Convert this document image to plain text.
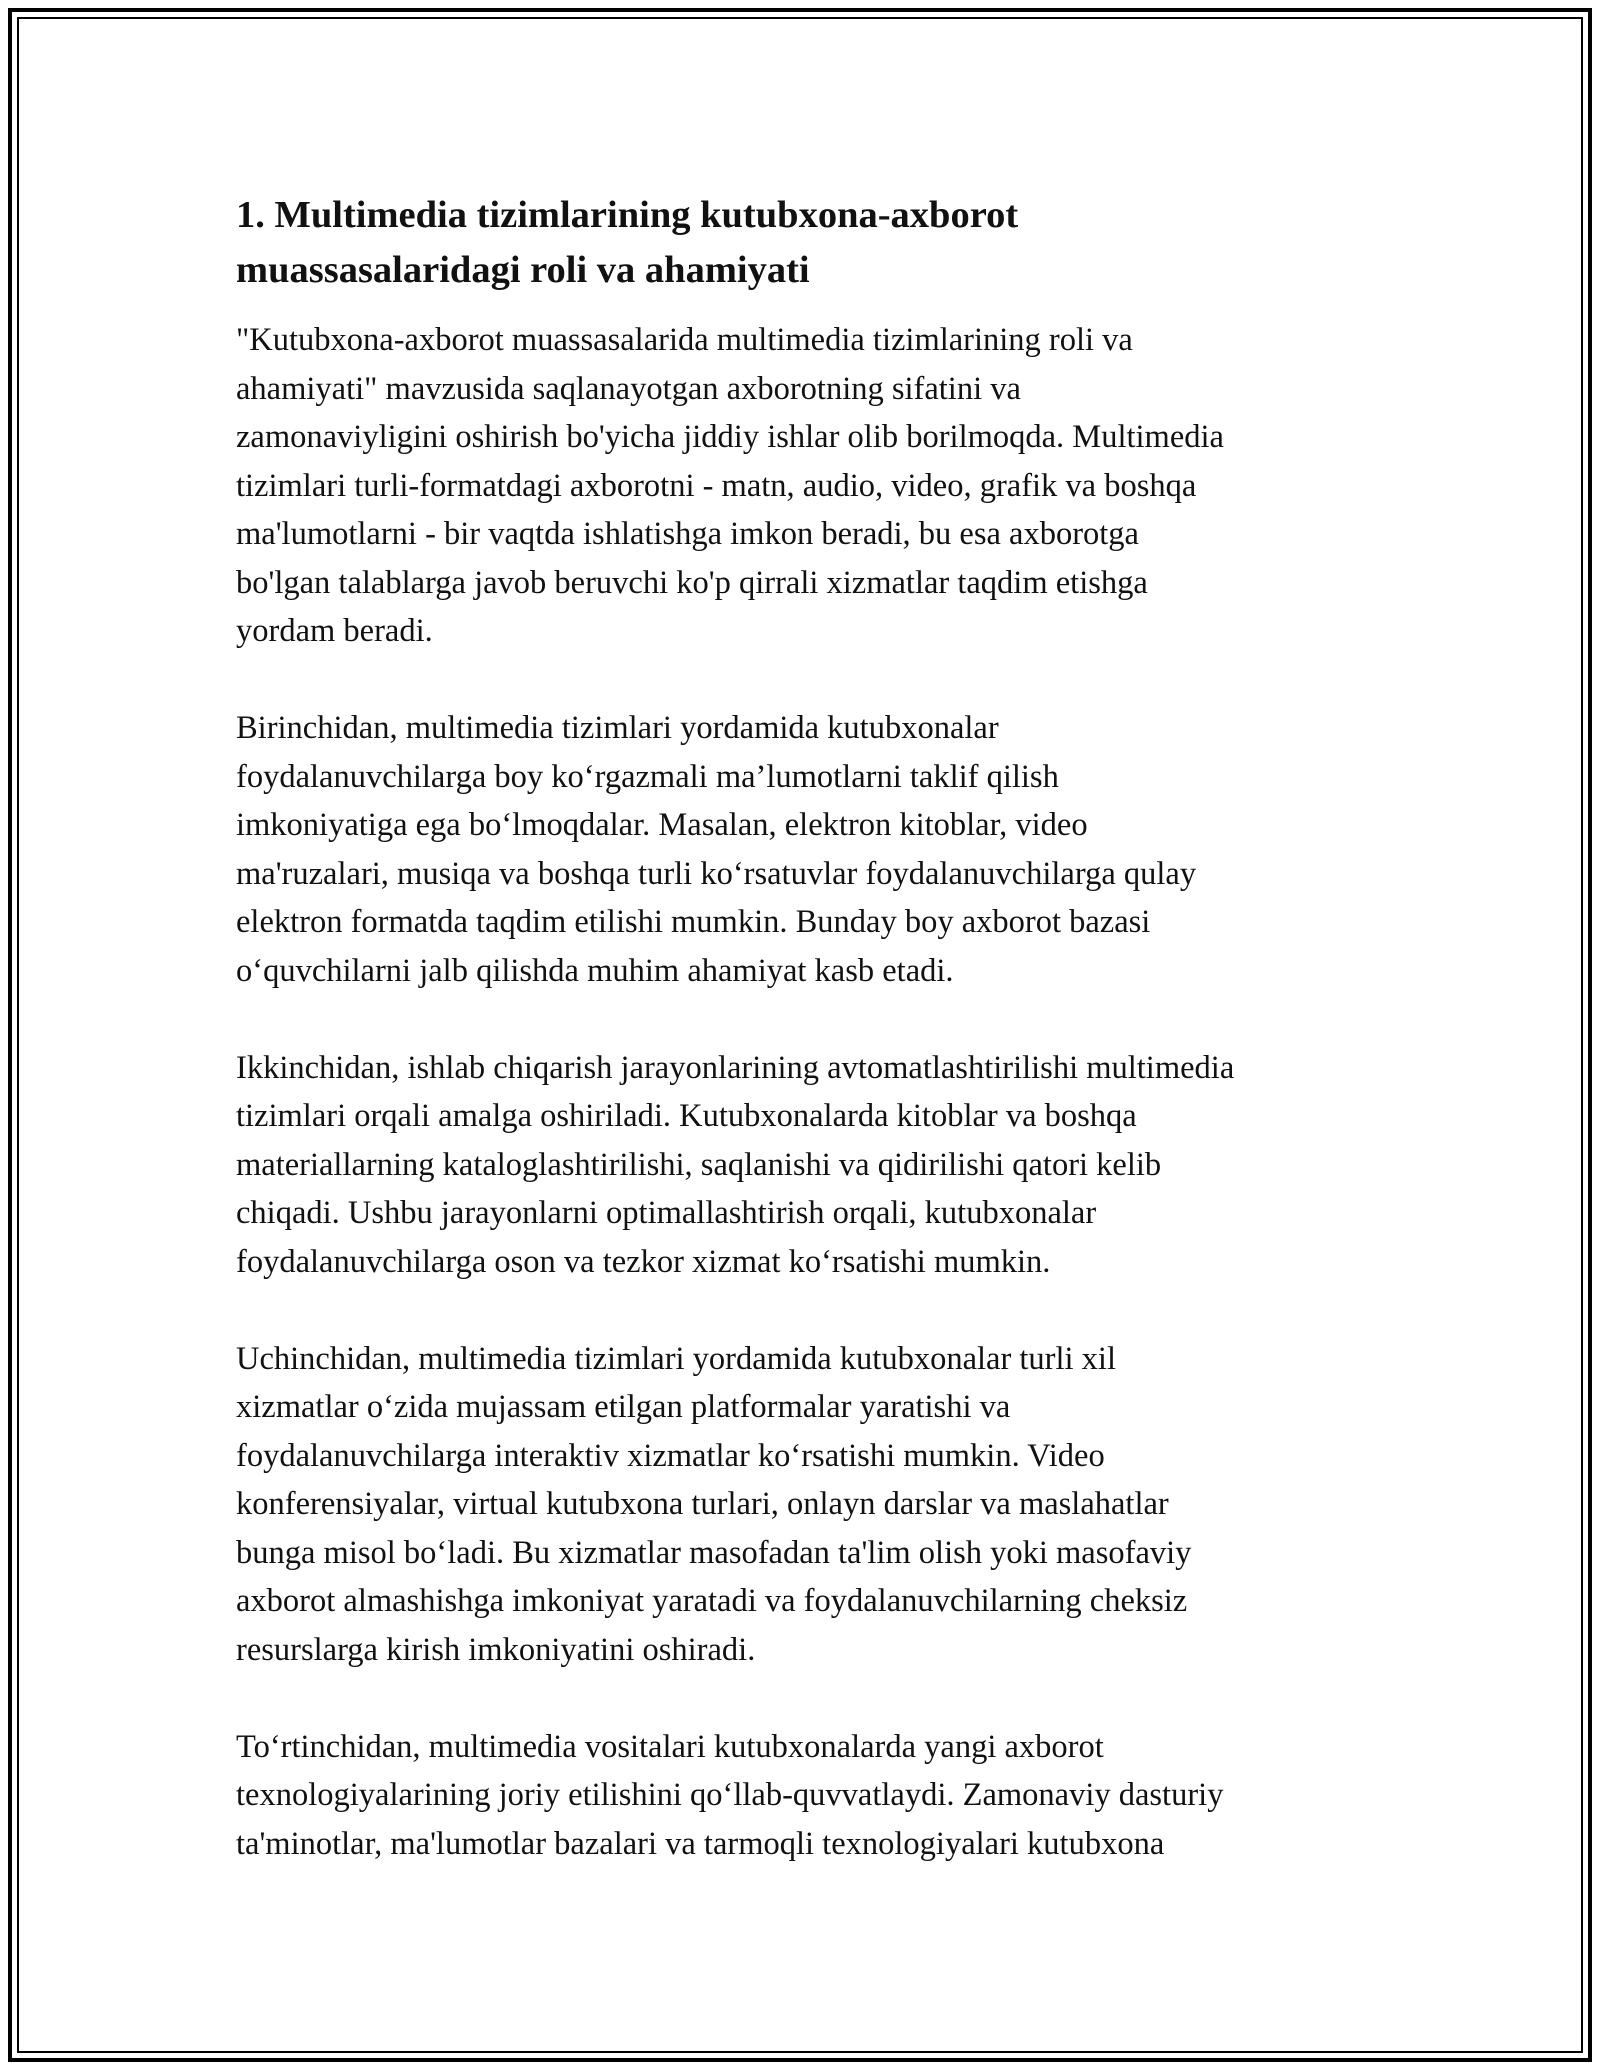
1. Multimedia tizimlarining kutubxona-axborot
muassasalaridagi roli va ahamiyati

"Kutubxona-axborot muassasalarida multimedia tizimlarining roli va
ahamiyati" mavzusida saqlanayotgan axborotning sifatini va
zamonaviyligini oshirish bo'yicha jiddiy ishlar olib borilmoqda. Multimedia
tizimlari turli-formatdagi axborotni - matn, audio, video, grafik va boshqa
ma'lumotlarni - bir vaqtda ishlatishga imkon beradi, bu esa axborotga
bo'lgan talablarga javob beruvchi ko'p qirrali xizmatlar taqdim etishga
yordam beradi.

Birinchidan, multimedia tizimlari yordamida kutubxonalar
foydalanuvchilarga boy ko‘rgazmali ma’lumotlarni taklif qilish
imkoniyatiga ega bo‘lmoqdalar. Masalan, elektron kitoblar, video
ma'ruzalari, musiqa va boshqa turli ko‘rsatuvlar foydalanuvchilarga qulay
elektron formatda taqdim etilishi mumkin. Bunday boy axborot bazasi
o‘quvchilarni jalb qilishda muhim ahamiyat kasb etadi.

Ikkinchidan, ishlab chiqarish jarayonlarining avtomatlashtirilishi multimedia
tizimlari orqali amalga oshiriladi. Kutubxonalarda kitoblar va boshqa
materiallarning kataloglashtirilishi, saqlanishi va qidirilishi qatori kelib
chiqadi. Ushbu jarayonlarni optimallashtirish orqali, kutubxonalar
foydalanuvchilarga oson va tezkor xizmat ko‘rsatishi mumkin.

Uchinchidan, multimedia tizimlari yordamida kutubxonalar turli xil
xizmatlar o‘zida mujassam etilgan platformalar yaratishi va
foydalanuvchilarga interaktiv xizmatlar ko‘rsatishi mumkin. Video
konferensiyalar, virtual kutubxona turlari, onlayn darslar va maslahatlar
bunga misol bo‘ladi. Bu xizmatlar masofadan ta'lim olish yoki masofaviy
axborot almashishga imkoniyat yaratadi va foydalanuvchilarning cheksiz
resurslarga kirish imkoniyatini oshiradi.

To‘rtinchidan, multimedia vositalari kutubxonalarda yangi axborot
texnologiyalarining joriy etilishini qo‘llab-quvvatlaydi. Zamonaviy dasturiy
ta'minotlar, ma'lumotlar bazalari va tarmoqli texnologiyalari kutubxona
